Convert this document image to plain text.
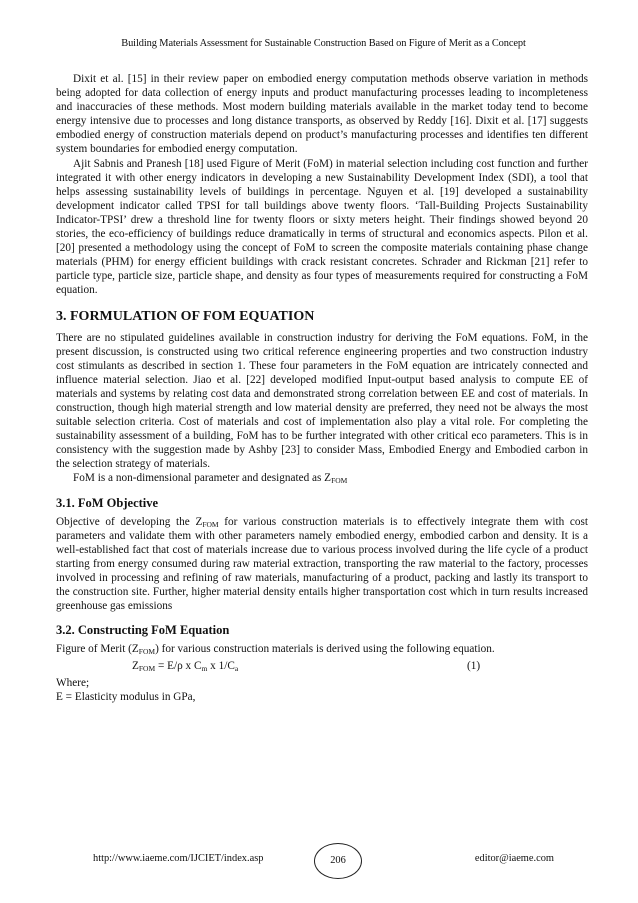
Building Materials Assessment for Sustainable Construction Based on Figure of Merit as a Concept

Dixit et al. [15] in their review paper on embodied energy computation methods observe variation in methods being adopted for data collection of energy inputs and product manufacturing processes leading to incompleteness and inaccuracies of these methods. Most modern building materials available in the market today tend to become energy intensive due to processes and long distance transports, as observed by Reddy [16]. Dixit et al. [17] suggests embodied energy of construction materials depend on product’s manufacturing processes and identifies ten different system boundaries for embodied energy computation.

Ajit Sabnis and Pranesh [18] used Figure of Merit (FoM) in material selection including cost function and further integrated it with other energy indicators in developing a new Sustainability Development Index (SDI), a tool that helps assessing sustainability levels of buildings in percentage. Nguyen et al. [19] developed a sustainability development indicator called TPSI for tall buildings above twenty floors. ‘Tall-Building Projects Sustainability Indicator-TPSI’ drew a threshold line for twenty floors or sixty meters height. Their findings showed beyond 20 stories, the eco-efficiency of buildings reduce dramatically in terms of structural and economics aspects. Pilon et al. [20] presented a methodology using the concept of FoM to screen the composite materials containing phase change materials (PHM) for energy efficient buildings with crack resistant concretes. Schrader and Rickman [21] refer to particle type, particle size, particle shape, and density as four types of measurements required for constructing a FoM equation.

3. FORMULATION OF FOM EQUATION

There are no stipulated guidelines available in construction industry for deriving the FoM equations. FoM, in the present discussion, is constructed using two critical reference engineering properties and two construction industry cost stimulants as described in section 1. These four parameters in the FoM equation are intricately connected and influence material selection. Jiao et al. [22] developed modified Input-output based analysis to compute EE of materials and systems by relating cost data and demonstrated strong correlation between EE and cost of materials. In construction, though high material strength and low material density are preferred, they need not be always the most suitable selection criteria. Cost of materials and cost of implementation also play a vital role. For completing the sustainability assessment of a building, FoM has to be further integrated with other critical eco parameters. This is in consistency with the suggestion made by Ashby [23] to consider Mass, Embodied Energy and Embodied carbon in the selection strategy of materials.

FoM is a non-dimensional parameter and designated as $Z_{FOM}$

3.1. FoM Objective

Objective of developing the $Z_{FOM}$ for various construction materials is to effectively integrate them with cost parameters and validate them with other parameters namely embodied energy, embodied carbon and density. It is a well-established fact that cost of materials increase due to various process involved during the life cycle of a product starting from energy consumed during raw material extraction, transporting the raw material to the factory, processes involved in processing and refining of raw materials, manufacturing of a product, packing and lastly its transport to the construction site. Further, higher material density entails higher transportation cost which in turn results increased greenhouse gas emissions

3.2. Constructing FoM Equation

Figure of Merit $(Z_{FOM})$ for various construction materials is derived using the following equation.

$Z_{FOM} = E/\rho$ x $C_m$ x $1/C_a$	(1)

Where;

E = Elasticity modulus in GPa,

http://www.iaeme.com/IJCIET/index.asp	206	editor@iaeme.com
